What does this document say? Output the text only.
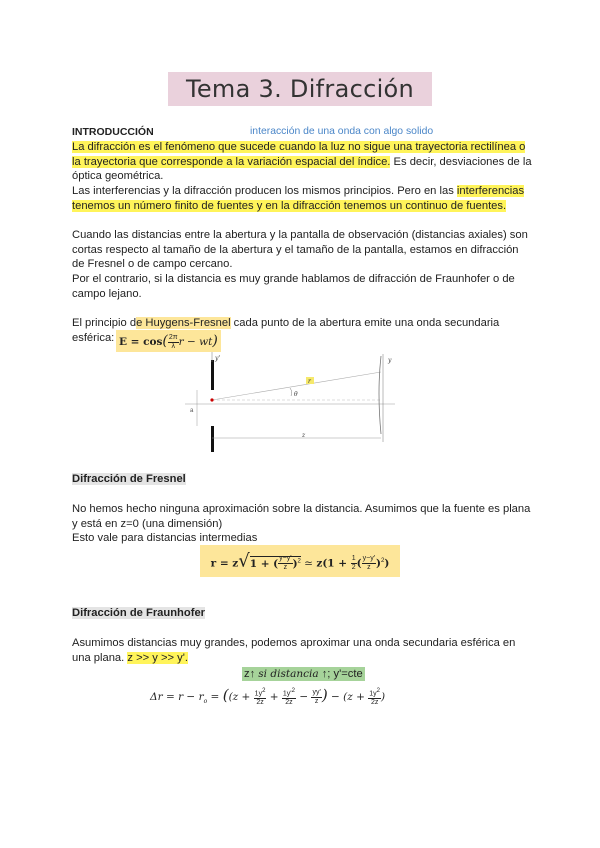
Tema 3. Difracción
INTRODUCCIÓN	interacción de una onda con algo solido
La difracción es el fenómeno que sucede cuando la luz no sigue una trayectoria rectilínea o la trayectoria que corresponde a la variación espacial del índice. Es decir, desviaciones de la óptica geométrica.
Las interferencias y la difracción producen los mismos principios. Pero en las interferencias tenemos un número finito de fuentes y en la difracción tenemos un continuo de fuentes.
Cuando las distancias entre la abertura y la pantalla de observación (distancias axiales) son cortas respecto al tamaño de la abertura y el tamaño de la pantalla, estamos en difracción de Fresnel o de campo cercano.
Por el contrario, si la distancia es muy grande hablamos de difracción de Fraunhofer o de campo lejano.
El principio de Huygens-Fresnel cada punto de la abertura emite una onda secundaria esférica: $E = \cos( \frac{2\pi}{\lambda}$ r − wt)
a
r
θ
z
y'	y
Difracción de Fresnel
No hemos hecho ninguna aproximación sobre la distancia. Asumimos que la fuente es plana y está en z=0 (una dimensión)
Esto vale para distancias intermedias
r = z√1 + ( $\frac{y-y'}{z} )^2$ ≃ $z(1 + \frac{1}{2}$ ( $\frac{y-y'}{z} )^2$)
Difracción de Fraunhofer
Asumimos distancias muy grandes, podemos aproximar una onda secundaria esférica en una plana. z >> y >> y'.
z↑ si distancia ↑; y'=cte
$\Delta r = r - r_o = ((z + \frac{1y^2}{2z} + \frac{1y'^2}{2z} - \frac{yy'}{z}$ ) − ($z + \frac{1y^2}{2z}$ )
